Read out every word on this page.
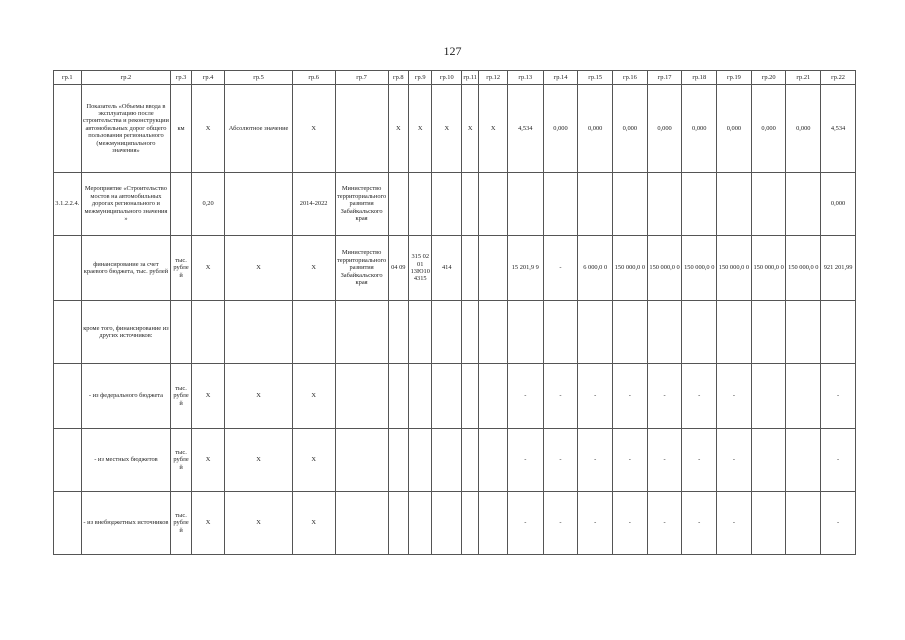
127
гр.1	гр.2	гр.3	гр.4	гр.5	гр.6	гр.7	гр.8	гр.9	гр.10	гр.11	гр.12	гр.13	гр.14	гр.15	гр.16	гр.17	гр.18	гр.19	гр.20	гр.21	гр.22
	Показатель «Объемы ввода в эксплуатацию после строительства и реконструкции автомобильных дорог общего пользования регионального (межмуниципального значения»	км	X	Абсолютное значение	X		X	X	X	X	X	4,534	0,000	0,000	0,000	0,000	0,000	0,000	0,000	0,000	4,534
3.1.2.2.4.	Мероприятие «Строительство мостов на автомобильных дорогах регионального и межмуниципального значения »		0,20		2014-2022	Министерство территориального развития Забайкальского края															0,000
	финансирование за счет краевого бюджета, тыс. рублей	тыс. рублей	X	X	X	Министерство территориального развития Забайкальского края	04 09	315 02 01 13Ю10 4315	414			15 201,9 9	-	6 000,0 0	150 000,0 0	150 000,0 0	150 000,0 0	150 000,0 0	150 000,0 0	150 000,0 0	921 201,99
	кроме того, финансирование из других источников:																				
	- из федерального бюджета	тыс. рублей	X	X	X							-	-	-	-	-	-	-			-
	- из местных бюджетов	тыс. рублей	X	X	X							-	-	-	-	-	-	-			-
	- из внебюджетных источников	тыс. рублей	X	X	X							-	-	-	-	-	-	-			-
